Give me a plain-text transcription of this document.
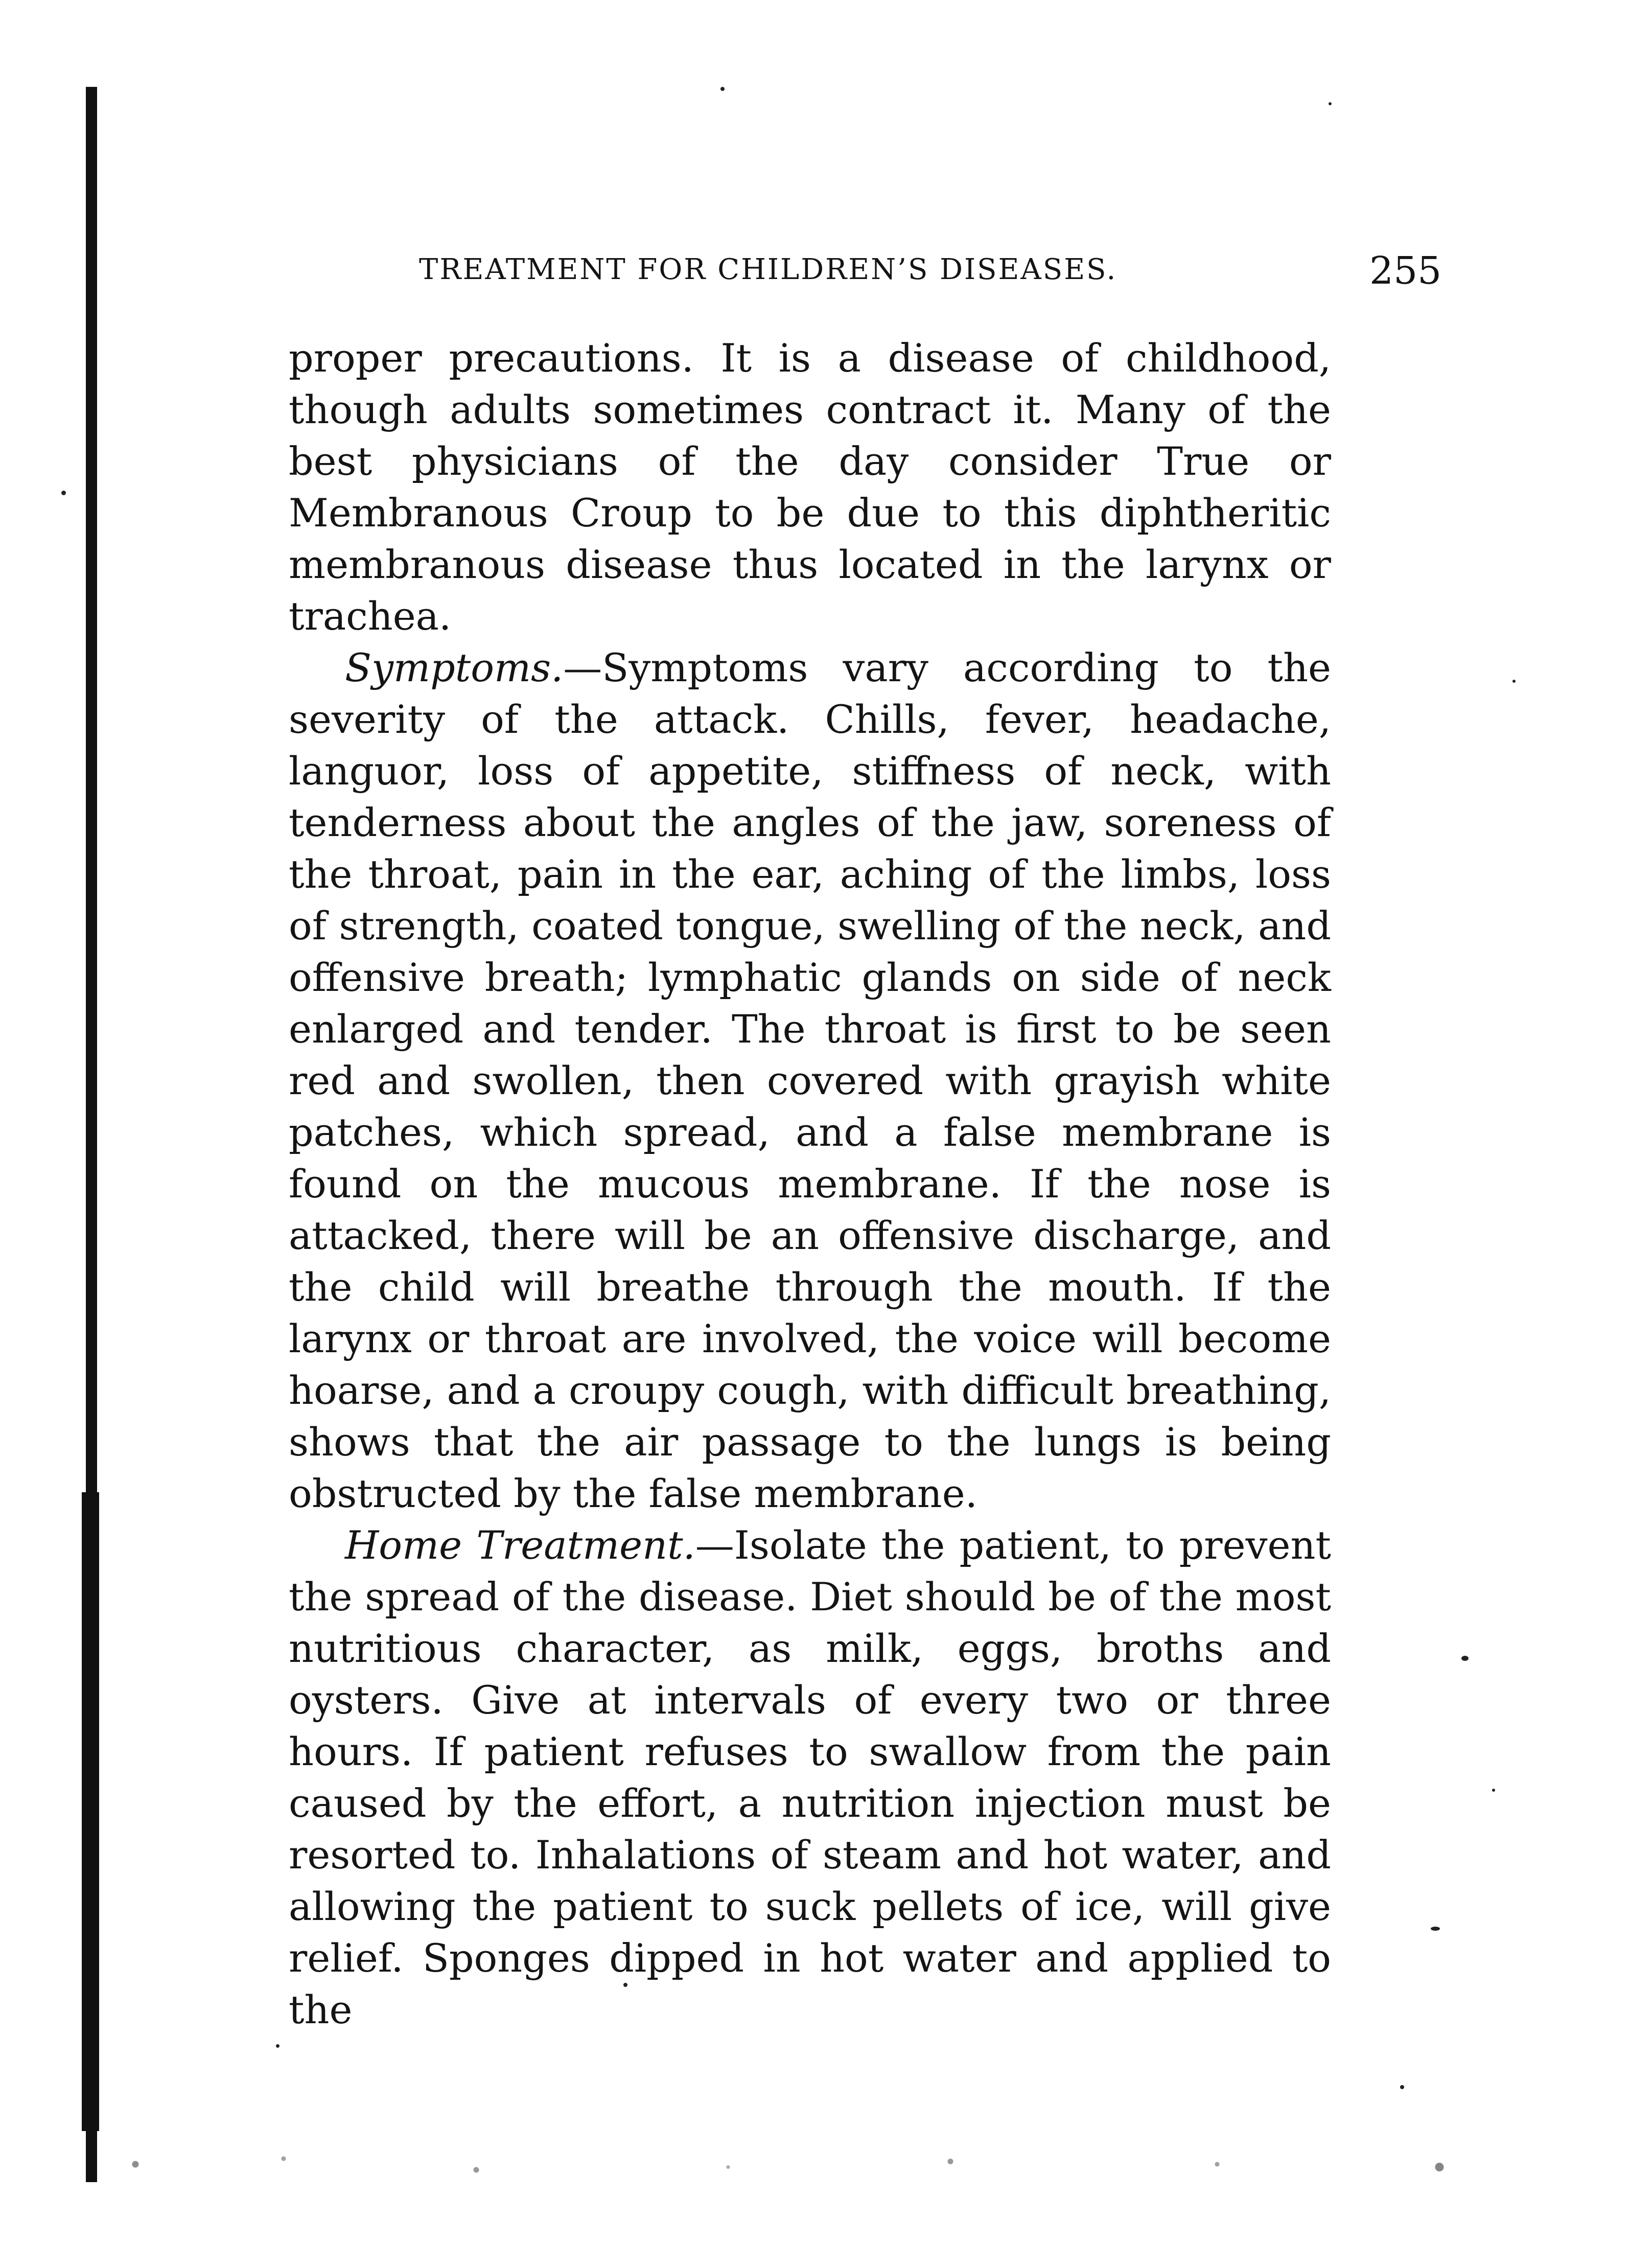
TREATMENT FOR CHILDREN’S DISEASES.	255

proper precautions. It is a disease of childhood, though adults sometimes contract it. Many of the best physicians of the day consider True or Membranous Croup to be due to this diphtheritic membranous disease thus located in the larynx or trachea.

Symptoms.—Symptoms vary according to the severity of the attack. Chills, fever, headache, languor, loss of appetite, stiffness of neck, with tenderness about the angles of the jaw, soreness of the throat, pain in the ear, aching of the limbs, loss of strength, coated tongue, swelling of the neck, and offensive breath; lymphatic glands on side of neck enlarged and tender. The throat is first to be seen red and swollen, then covered with grayish white patches, which spread, and a false membrane is found on the mucous membrane. If the nose is attacked, there will be an offensive discharge, and the child will breathe through the mouth. If the larynx or throat are involved, the voice will become hoarse, and a croupy cough, with difficult breathing, shows that the air passage to the lungs is being obstructed by the false membrane.

Home Treatment.—Isolate the patient, to prevent the spread of the disease. Diet should be of the most nutritious character, as milk, eggs, broths and oysters. Give at intervals of every two or three hours. If patient refuses to swallow from the pain caused by the effort, a nutrition injection must be resorted to. Inhalations of steam and hot water, and allowing the patient to suck pellets of ice, will give relief. Sponges dipped in hot water and applied to the
